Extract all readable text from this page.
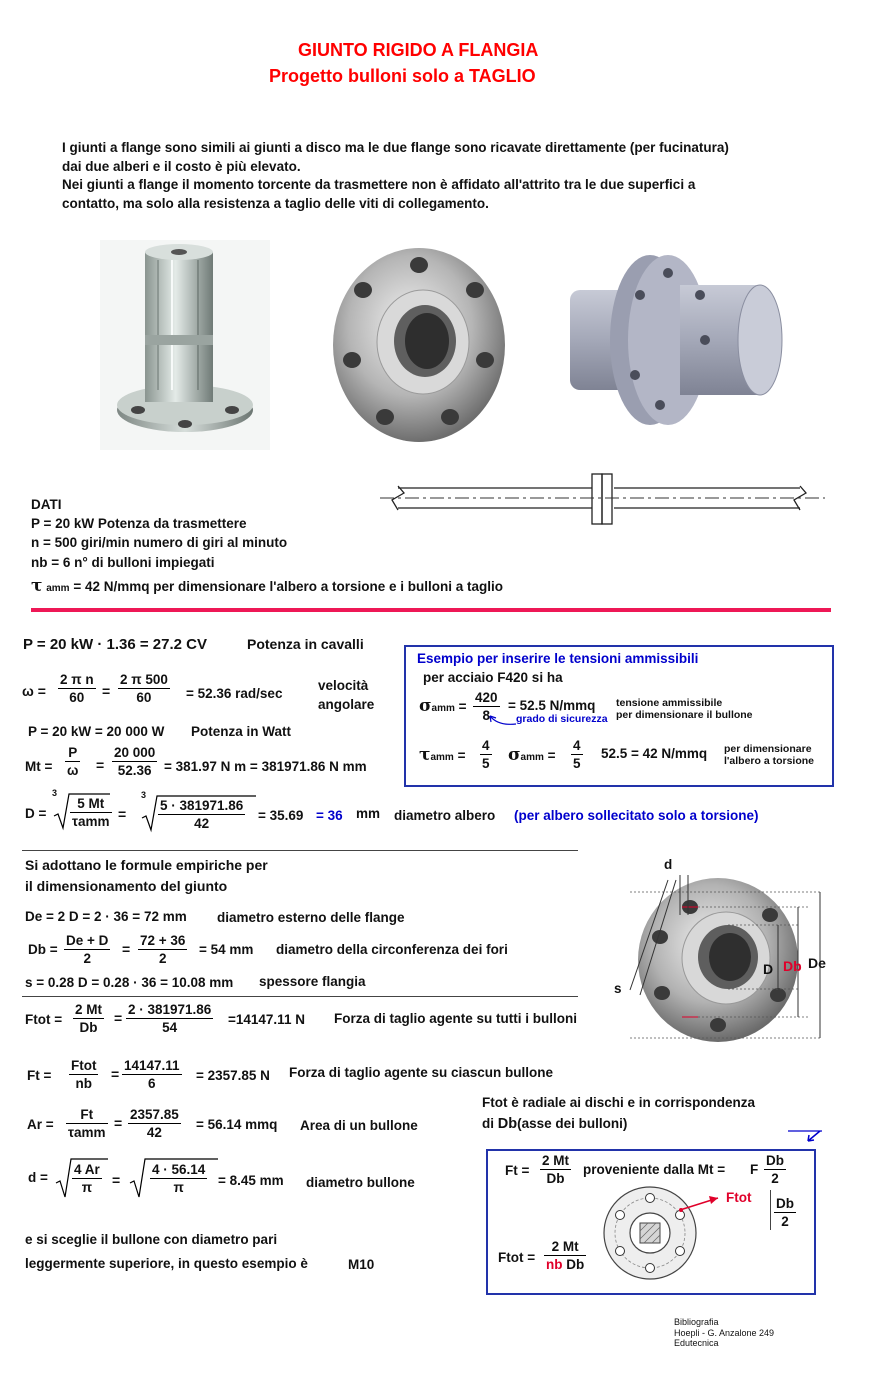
GIUNTO RIGIDO A FLANGIA
Progetto bulloni solo a TAGLIO
I giunti a flange sono simili ai giunti a disco ma le due flange sono ricavate direttamente (per fucinatura)
dai due alberi e il costo è più elevato.
Nei giunti a flange il momento torcente da trasmettere non è affidato all'attrito tra le due superfici a
contatto, ma solo alla resistenza a taglio delle viti di collegamento.
DATI
P = 20 kW Potenza da trasmettere
n = 500 giri/min numero di giri al minuto
nb = 6 n° di bulloni impiegati
τ amm = 42 N/mmq per dimensionare l'albero a torsione e i bulloni a taglio
P = 20 kW · 1.36 = 27.2 CV	Potenza in cavalli
$\omega = \frac{\text{2 π n}}{60} = \frac{2 \pi 500}{60} = 52.36$ rad/sec
velocità
angolare
P = 20 kW = 20 000 W Potenza in Watt
$Mt = \frac{P}{\omega} = \frac{20 000}{52.36} = 381.97$ N m = 381971.86 N mm
D =
3
5 Mt
τamm =
3
$\frac{5 \cdot 381971.86}{42} = 35.69 = 36$ mm diametro albero (per albero sollecitato solo a torsione)
Esempio per inserire le tensioni ammissibili
per acciaio F420 si ha
$\sigma amm = \frac{420}{8} = 52.5$ N/mmq tensione ammissibile
per dimensionare il bullone
grado di sicurezza
$\tau amm = \frac{4}{5}$ $\sigma amm = \frac{4}{5} 52.5 = 42$ N/mmq per dimensionare
l'albero a torsione
Si adottano le formule empiriche per
il dimensionamento del giunto
De = 2 D = 2 · 36 = 72 mm diametro esterno delle flange
$Db = \frac{De + D}{2} = \frac{72 + 36}{2} = 54$ mm diametro della circonferenza dei fori
s = 0.28 D = 0.28 · 36 = 10.08 mm spessore flangia
Ftot = $\frac{2 Mt}{Db} = \frac{2 \cdot 381971.86}{54} =14147.11$ N Forza di taglio agente su tutti i bulloni
Ft =
Ftot
nb
= $\frac{14147.11}{6} = 2357.85$ N Forza di taglio agente su ciascun bullone
Ar =
Ft
τamm
= $\frac{2357.85}{42} = 56.14$ mmq Area di un bullone
$d = \frac{4 Ar}{\pi} = \frac{4 \cdot 56.14}{\pi} = 8.45$ mm diametro bullone
e si sceglie il bullone con diametro pari
leggermente superiore, in questo esempio è	M10
d
D Db De
s
Ftot è radiale ai dischi e in corrispondenza
di Db(asse dei bulloni)
$Ft = \frac{2 Mt}{Db}$ proveniente dalla Mt = F $\frac{Db}{2}$
Ftot $\frac{Db}{2}$
Ftot = $\frac{2 Mt}{\text{nb Db}}$
Bibliografia
Hoepli - G. Anzalone 249
Edutecnica
